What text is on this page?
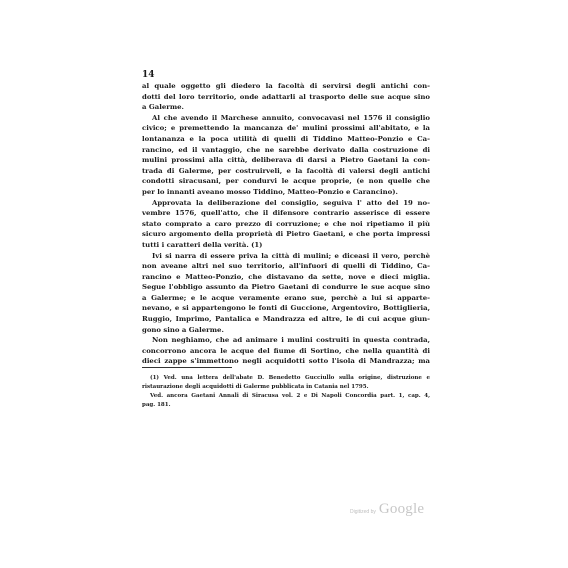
14

al quale oggetto gli diedero la facoltà di servirsi degli antichi con-
dotti del loro territorio, onde adattarli al trasporto delle sue acque sino
a Galerme.

Al che avendo il Marchese annuito, convocavasi nel 1576 il consiglio
civico; e premettendo la mancanza de' mulini prossimi all'abitato, e la
lontananza e la poca utilità di quelli di Tiddino Matteo-Ponzio e Ca-
rancino, ed il vantaggio, che ne sarebbe derivato dalla costruzione di
mulini prossimi alla città, deliberava di darsi a Pietro Gaetani la con-
trada di Galerme, per costruirveli, e la facoltà di valersi degli antichi
condotti siracusani, per condurvi le acque proprie, (e non quelle che
per lo innanti aveano mosso Tiddino, Matteo-Ponzio e Carancino).

Approvata la deliberazione del consiglio, seguiva l' atto del 19 no-
vembre 1576, quell'atto, che il difensore contrario asseriscе di essere
stato comprato a caro prezzo di corruzione; e che noi ripetiamo il più
sicuro argomento della proprietà di Pietro Gaetani, e che porta impressi
tutti i caratteri della verità. (1)

Ivi si narra di essere priva la città di mulini; e dicеasi il vero, perchè
non aveane altri nel suo territorio, all'infuori di quelli di Tiddino, Ca-
rancino e Matteo-Ponzio, che distavano da sette, nove e dieci miglia.
Segue l'obbligo assunto da Pietro Gaetani di condurre le sue acque sino
a Galerme; e le acque veramente erano sue, perchè a lui si apparte-
nevano, e si appartengono le fonti di Guccione, Argentoviro, Bottiglieria,
Ruggio, Imprimo, Pantalica e Mandrazza ed altre, le di cui acque giun-
gono sino a Galerme.

Non neghiamo, che ad animare i mulini costruiti in questa contrada,
concorrono ancora le acque del fiume di Sortino, che nella quantità di
dieci zappe s'immettono negli acquidotti sotto l'isola di Mandrazza; ma

(1) Ved. una lettera dell'abate D. Benedetto Gucciullo sulla origine, distruzione e
ristaurazione degli acquidotti di Galerme pubblicata in Catania nel 1795.

Ved. ancora Gaetani Annali di Siracusa vol. 2 e Di Napoli Concordia part. 1, cap. 4,
pag. 181.

Digitized by Google
